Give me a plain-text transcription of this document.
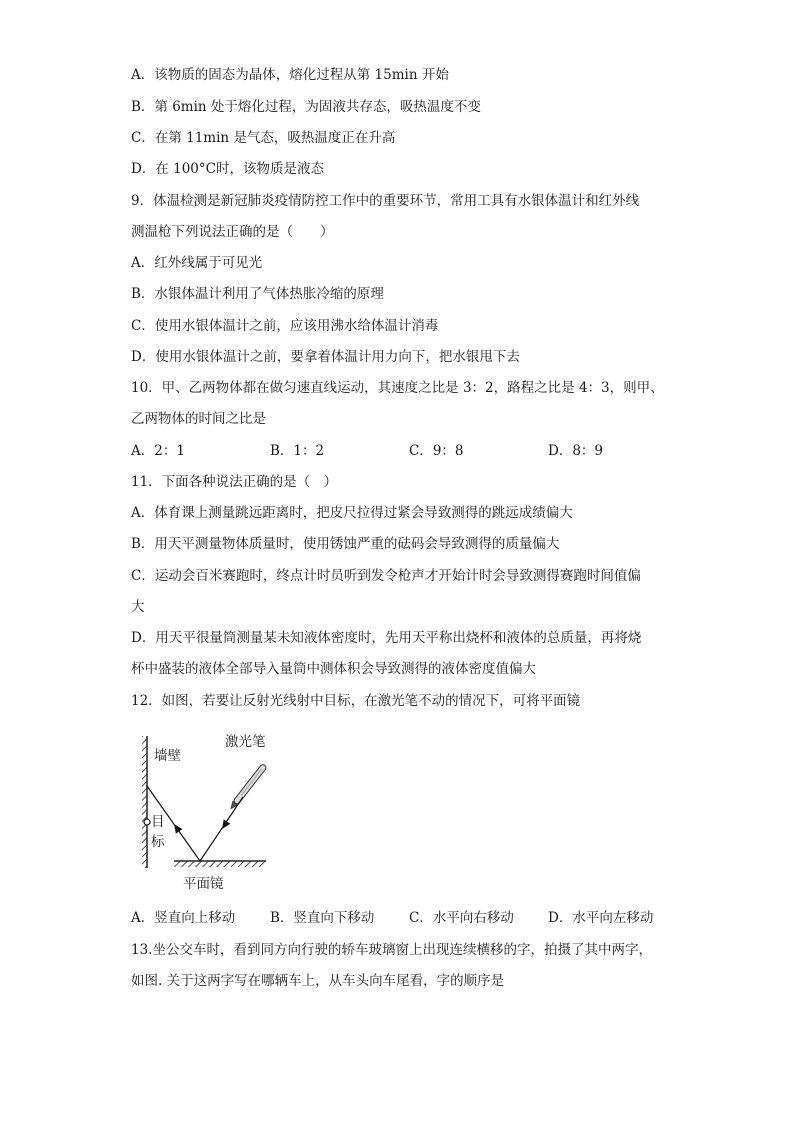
A．该物质的固态为晶体，熔化过程从第 15min 开始
B．第 6min 处于熔化过程，为固液共存态，吸热温度不变
C．在第 11min 是气态，吸热温度正在升高
D．在 100°C时，该物质是液态
9．体温检测是新冠肺炎疫情防控工作中的重要环节，常用工具有水银体温计和红外线
测温枪下列说法正确的是（　　）
A．红外线属于可见光
B．水银体温计利用了气体热胀冷缩的原理
C．使用水银体温计之前，应该用沸水给体温计消毒
D．使用水银体温计之前，要拿着体温计用力向下，把水银甩下去
10．甲、乙两物体都在做匀速直线运动，其速度之比是 3：2，路程之比是 4：3，则甲、
乙两物体的时间之比是
A．2：1	B．1：2	C．9：8	D．8：9
11．下面各种说法正确的是（　）
A．体育课上测量跳远距离时，把皮尺拉得过紧会导致测得的跳远成绩偏大
B．用天平测量物体质量时，使用锈蚀严重的砝码会导致测得的质量偏大
C．运动会百米赛跑时，终点计时员听到发令枪声才开始计时会导致测得赛跑时间值偏
大
D．用天平很量筒测量某未知液体密度时，先用天平称出烧杯和液体的总质量，再将烧
杯中盛装的液体全部导入量筒中测体积会导致测得的液体密度值偏大
12．如图，若要让反射光线射中目标，在激光笔不动的情况下，可将平面镜
墙壁
激光笔
目
标
平面镜
A．竖直向上移动	B．竖直向下移动	C．水平向右移动	D．水平向左移动
13.坐公交车时，看到同方向行驶的轿车玻璃窗上出现连续横移的字，拍摄了其中两字，
如图. 关于这两字写在哪辆车上，从车头向车尾看，字的顺序是
